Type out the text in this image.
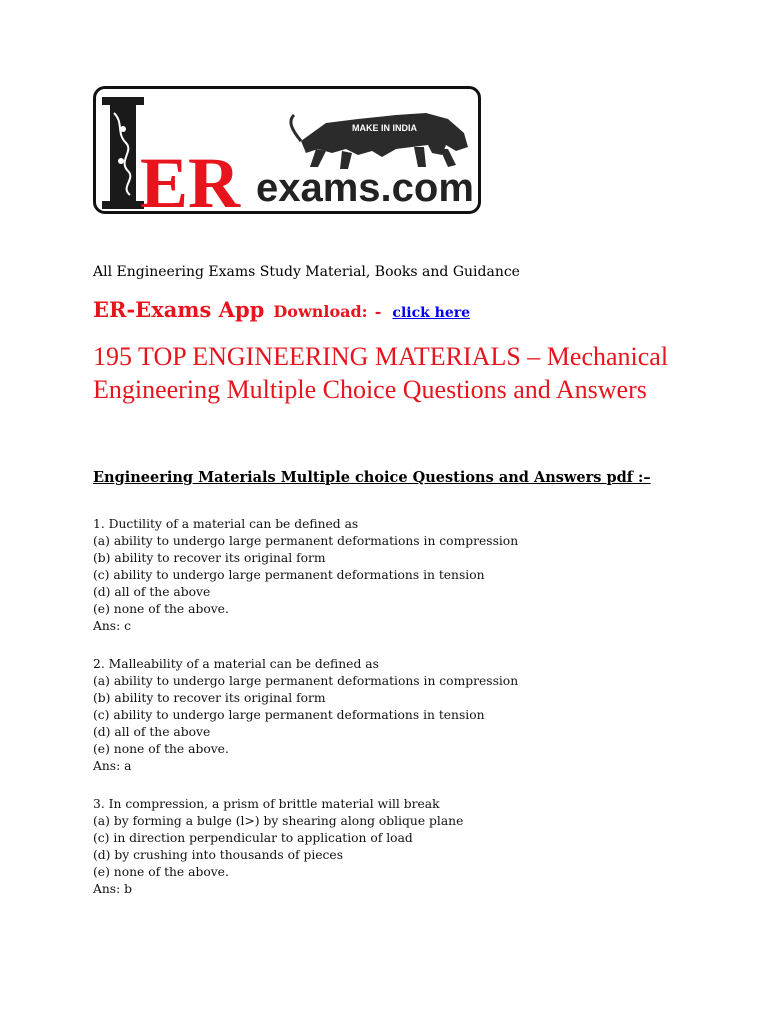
MAKE IN INDIA
ER exams.com
All Engineering Exams Study Material, Books and Guidance
ER-Exams App Download: - click here
195 TOP ENGINEERING MATERIALS – Mechanical Engineering Multiple Choice Questions and Answers
Engineering Materials Multiple choice Questions and Answers pdf :–
1. Ductility of a material can be defined as
(a) ability to undergo large permanent deformations in compression
(b) ability to recover its original form
(c) ability to undergo large permanent deformations in tension
(d) all of the above
(e) none of the above.
Ans: c
2. Malleability of a material can be defined as
(a) ability to undergo large permanent deformations in compression
(b) ability to recover its original form
(c) ability to undergo large permanent deformations in tension
(d) all of the above
(e) none of the above.
Ans: a
3. In compression, a prism of brittle material will break
(a) by forming a bulge (l>) by shearing along oblique plane
(c) in direction perpendicular to application of load
(d) by crushing into thousands of pieces
(e) none of the above.
Ans: b
